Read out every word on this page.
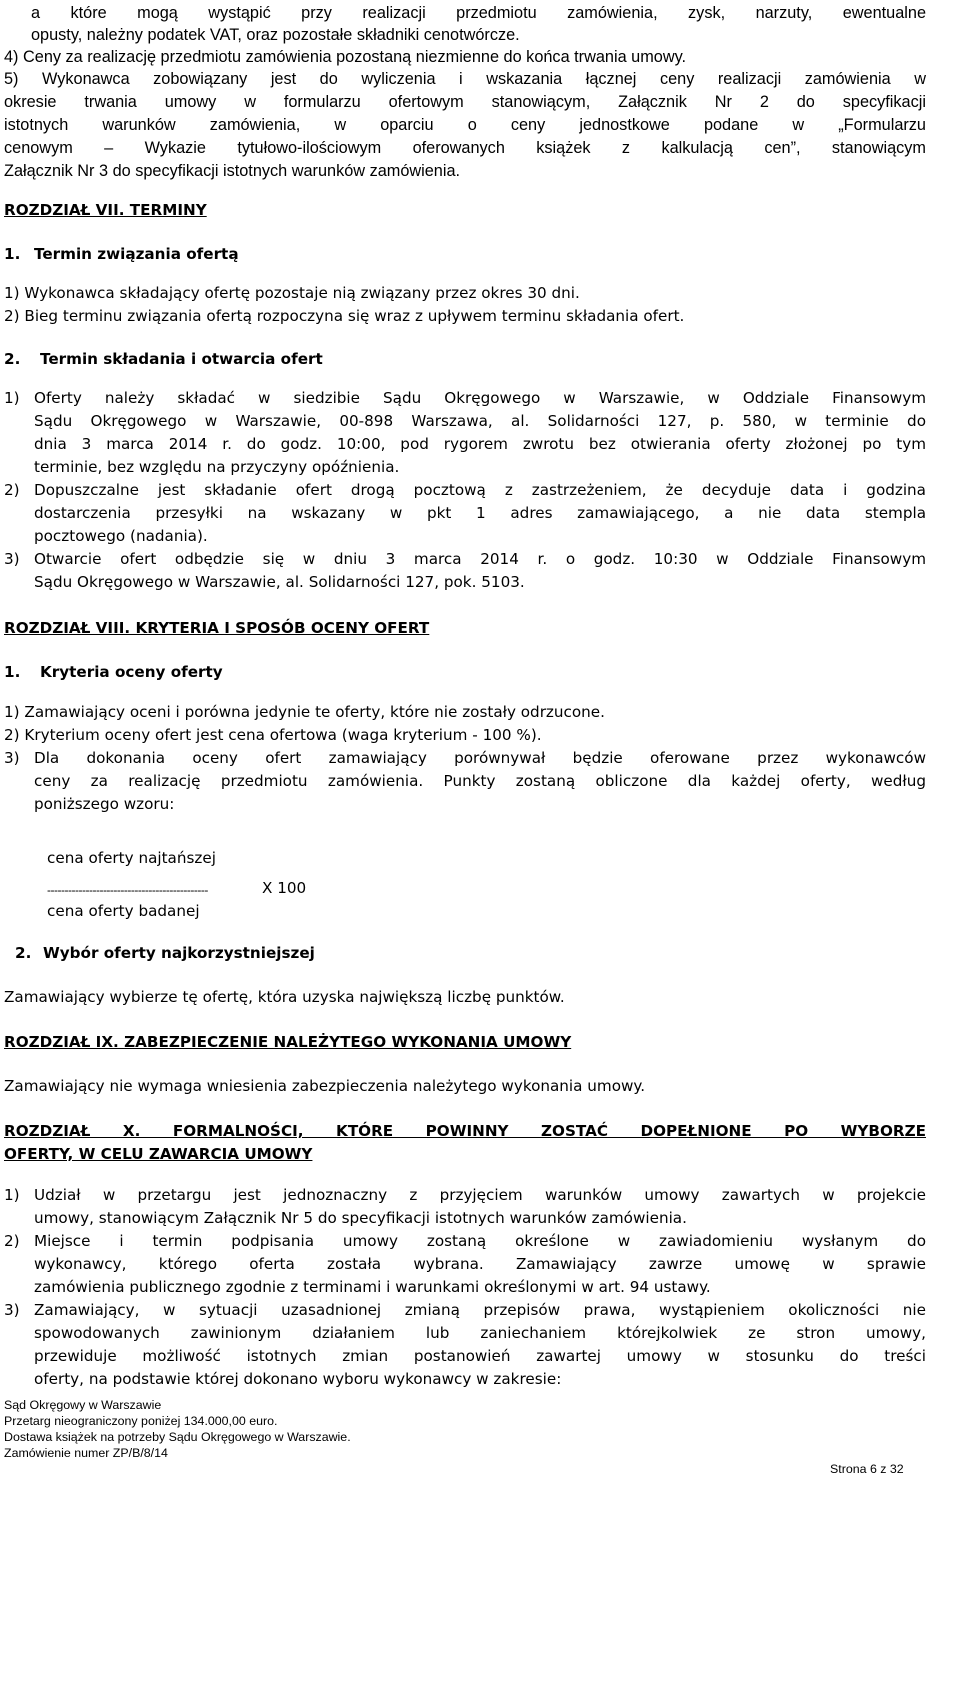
a które mogą wystąpić przy realizacji przedmiotu zamówienia, zysk, narzuty, ewentualne
opusty, należny podatek VAT, oraz pozostałe składniki cenotwórcze.
4) Ceny za realizację przedmiotu zamówienia pozostaną niezmienne do końca trwania umowy.
5) Wykonawca zobowiązany jest do wyliczenia i wskazania łącznej ceny realizacji zamówienia w
okresie trwania umowy w formularzu ofertowym stanowiącym, Załącznik Nr 2 do specyfikacji
istotnych warunków zamówienia, w oparciu o ceny jednostkowe podane w „Formularzu
cenowym – Wykazie tytułowo-ilościowym oferowanych książek z kalkulacją cen”, stanowiącym
Załącznik Nr 3 do specyfikacji istotnych warunków zamówienia.
ROZDZIAŁ VII. TERMINY
1. Termin związania ofertą
1) Wykonawca składający ofertę pozostaje nią związany przez okres 30 dni.
2) Bieg terminu związania ofertą rozpoczyna się wraz z upływem terminu składania ofert.
2. Termin składania i otwarcia ofert
1) Oferty należy składać w siedzibie Sądu Okręgowego w Warszawie, w Oddziale Finansowym
Sądu Okręgowego w Warszawie, 00-898 Warszawa, al. Solidarności 127, p. 580, w terminie do
dnia 3 marca 2014 r. do godz. 10:00, pod rygorem zwrotu bez otwierania oferty złożonej po tym
terminie, bez względu na przyczyny opóźnienia.
2) Dopuszczalne jest składanie ofert drogą pocztową z zastrzeżeniem, że decyduje data i godzina
dostarczenia przesyłki na wskazany w pkt 1 adres zamawiającego, a nie data stempla
pocztowego (nadania).
3) Otwarcie ofert odbędzie się w dniu 3 marca 2014 r. o godz. 10:30 w Oddziale Finansowym
Sądu Okręgowego w Warszawie, al. Solidarności 127, pok. 5103.
ROZDZIAŁ VIII. KRYTERIA I SPOSÓB OCENY OFERT
1. Kryteria oceny oferty
1) Zamawiający oceni i porówna jedynie te oferty, które nie zostały odrzucone.
2) Kryterium oceny ofert jest cena ofertowa (waga kryterium - 100 %).
3) Dla dokonania oceny ofert zamawiający porównywał będzie oferowane przez wykonawców
ceny za realizację przedmiotu zamówienia. Punkty zostaną obliczone dla każdej oferty, według
poniższego wzoru:
cena oferty najtańszej
----------------------------------------------	X 100
cena oferty badanej
2. Wybór oferty najkorzystniejszej
Zamawiający wybierze tę ofertę, która uzyska największą liczbę punktów.
ROZDZIAŁ IX. ZABEZPIECZENIE NALEŻYTEGO WYKONANIA UMOWY
Zamawiający nie wymaga wniesienia zabezpieczenia należytego wykonania umowy.
ROZDZIAŁ X. FORMALNOŚCI, KTÓRE POWINNY ZOSTAĆ DOPEŁNIONE PO WYBORZE
OFERTY, W CELU ZAWARCIA UMOWY
1) Udział w przetargu jest jednoznaczny z przyjęciem warunków umowy zawartych w projekcie
umowy, stanowiącym Załącznik Nr 5 do specyfikacji istotnych warunków zamówienia.
2) Miejsce i termin podpisania umowy zostaną określone w zawiadomieniu wysłanym do
wykonawcy, którego oferta została wybrana. Zamawiający zawrze umowę w sprawie
zamówienia publicznego zgodnie z terminami i warunkami określonymi w art. 94 ustawy.
3) Zamawiający, w sytuacji uzasadnionej zmianą przepisów prawa, wystąpieniem okoliczności nie
spowodowanych zawinionym działaniem lub zaniechaniem którejkolwiek ze stron umowy,
przewiduje możliwość istotnych zmian postanowień zawartej umowy w stosunku do treści
oferty, na podstawie której dokonano wyboru wykonawcy w zakresie:
Sąd Okręgowy w Warszawie
Przetarg nieograniczony poniżej 134.000,00 euro.
Dostawa książek na potrzeby Sądu Okręgowego w Warszawie.
Zamówienie numer ZP/B/8/14
Strona 6 z 32
